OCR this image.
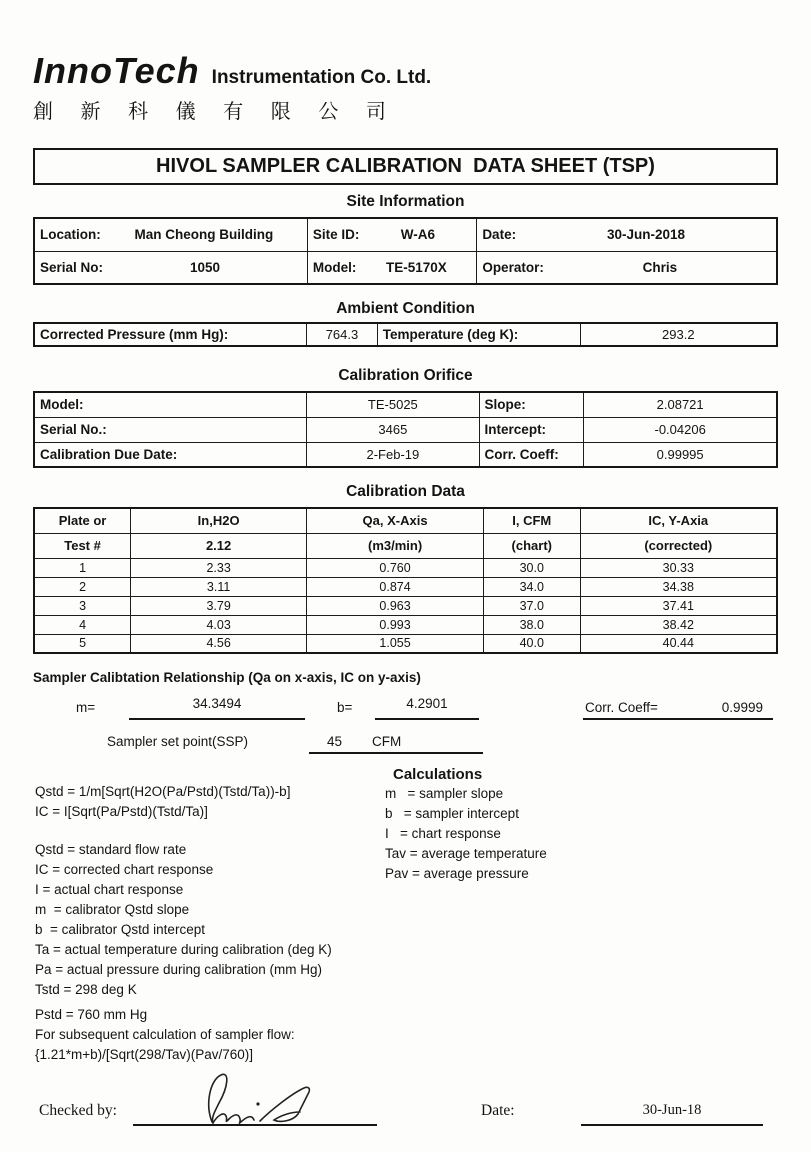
InnoTech Instrumentation Co. Ltd.
創 新 科 儀 有 限 公 司
HIVOL SAMPLER CALIBRATION  DATA SHEET (TSP)
Site Information
Location: Man Cheong Building	Site ID: W-A6	Date: 30-Jun-2018

Serial No: 1050	Model: TE-5170X	Operator: Chris
Ambient Condition
Corrected Pressure (mm Hg):	764.3	Temperature (deg K):	293.2
Calibration Orifice
Model:	TE-5025	Slope:	2.08721
Serial No.:	3465	Intercept:	-0.04206
Calibration Due Date:	2-Feb-19	Corr. Coeff:	0.99995
Calibration Data
Plate or	In,H2O	Qa, X-Axis	I, CFM	IC, Y-Axia
Test #	2.12	(m3/min)	(chart)	(corrected)
1	2.33	0.760	30.0	30.33
2	3.11	0.874	34.0	34.38
3	3.79	0.963	37.0	37.41
4	4.03	0.993	38.0	38.42
5	4.56	1.055	40.0	40.44
Sampler Calibtation Relationship (Qa on x-axis, IC on y-axis)
m=	34.3494	b=	4.2901	Corr. Coeff=	0.9999
Sampler set point(SSP)	45 CFM
Qstd = 1/m[Sqrt(H2O(Pa/Pstd)(Tstd/Ta))-b]
IC = I[Sqrt(Pa/Pstd)(Tstd/Ta)]
Qstd = standard flow rate
IC = corrected chart response
I = actual chart response
m  = calibrator Qstd slope
b  = calibrator Qstd intercept
Ta = actual temperature during calibration (deg K)
Pa = actual pressure during calibration (mm Hg)
Tstd = 298 deg K
Pstd = 760 mm Hg
For subsequent calculation of sampler flow:
{1.21*m+b)/[Sqrt(298/Tav)(Pav/760)]
Calculations
m   = sampler slope
b   = sampler intercept
I   = chart response
Tav = average temperature
Pav = average pressure
Checked by:	Date:	30-Jun-18
